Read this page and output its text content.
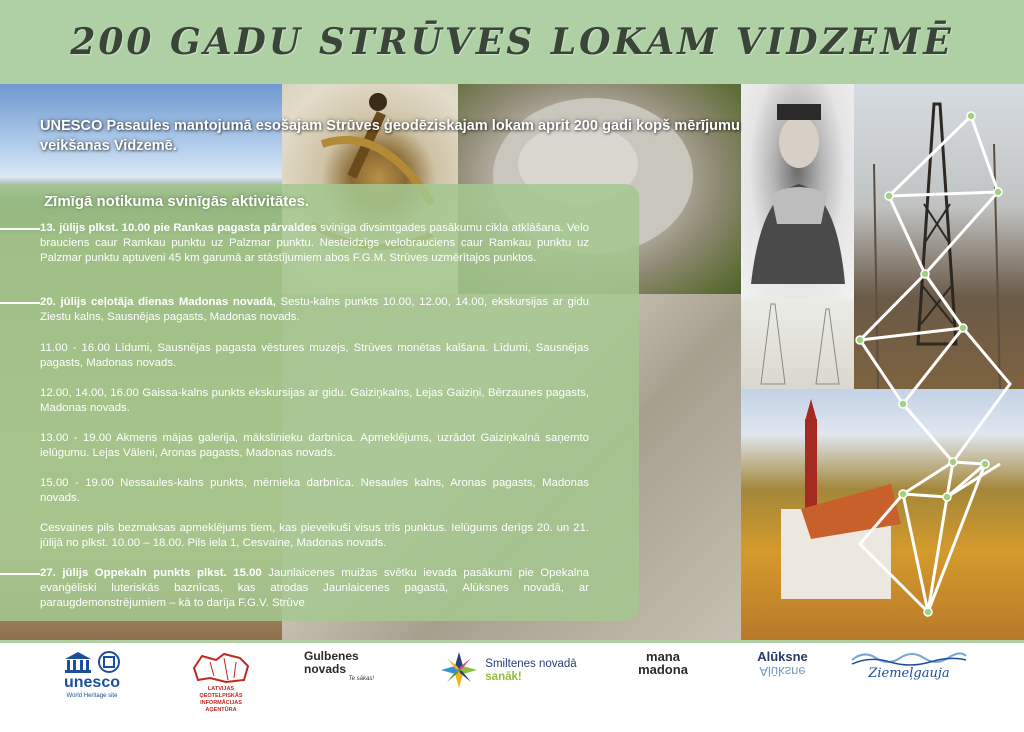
200 GADU STRŪVES LOKAM VIDZEMĒ
UNESCO Pasaules mantojumā esošajam Strūves ģeodēziskajam lokam aprit 200 gadi kopš mērījumu veikšanas Vidzemē.
Zīmīgā notikuma svinīgās aktivitātes.
13. jūlijs plkst. 10.00 pie Rankas pagasta pārvaldes svinīga divsimtgades pasākumu cikla atklāšana. Velo brauciens caur Ramkau punktu uz Palzmar punktu. Nesteidzīgs velobrauciens caur Ramkau punktu uz Palzmar punktu aptuveni 45 km garumā ar stāstījumiem abos F.G.M. Strūves uzmērītajos punktos.
20. jūlijs ceļotāja dienas Madonas novadā, Sestu-kalns punkts 10.00, 12.00, 14.00, ekskursijas ar gidu Ziestu kalns, Sausnējas pagasts, Madonas novads.
11.00 - 16.00 Līdumi, Sausnējas pagasta vēstures muzejs, Strūves monētas kalšana. Līdumi, Sausnējas pagasts, Madonas novads.
12.00, 14.00, 16.00 Gaissa-kalns punkts ekskursijas ar gidu. Gaiziņkalns, Lejas Gaiziņi, Bērzaunes pagasts, Madonas novads.
13.00 - 19.00 Akmens mājas galerija, mākslinieku darbnīca. Apmeklējums, uzrādot Gaiziņkalnā saņemto ielūgumu. Lejas Vāleni, Aronas pagasts, Madonas novads.
15.00 - 19.00 Nessaules-kalns punkts, mērnieka darbnīca. Nesaules kalns, Aronas pagasts, Madonas novads.
Cesvaines pils bezmaksas apmeklējums tiem, kas pieveikuši visus trīs punktus. Ielūgums derīgs 20. un 21. jūlijā no plkst. 10.00 – 18.00. Pils iela 1, Cesvaine, Madonas novads.
27. jūlijs Oppekaln punkts plkst. 15.00 Jaunlaicenes muižas svētku ievada pasākumi pie Opekalna evanģēliski luteriskās baznīcas, kas atrodas Jaunlaicenes pagastā, Alūksnes novadā, ar paraugdemonstrējumiem – kā to darīja F.G.V. Strūve
unesco
World Heritage site
LATVIJAS ĢEOTELPISKĀS
INFORMĀCIJAS AĢENTŪRA
Gulbenes
novads
Te sākas!
Smiltenes novadā
sanāk!
mana
madona
Alūksne
Alūksne	Ziemeļgauja
